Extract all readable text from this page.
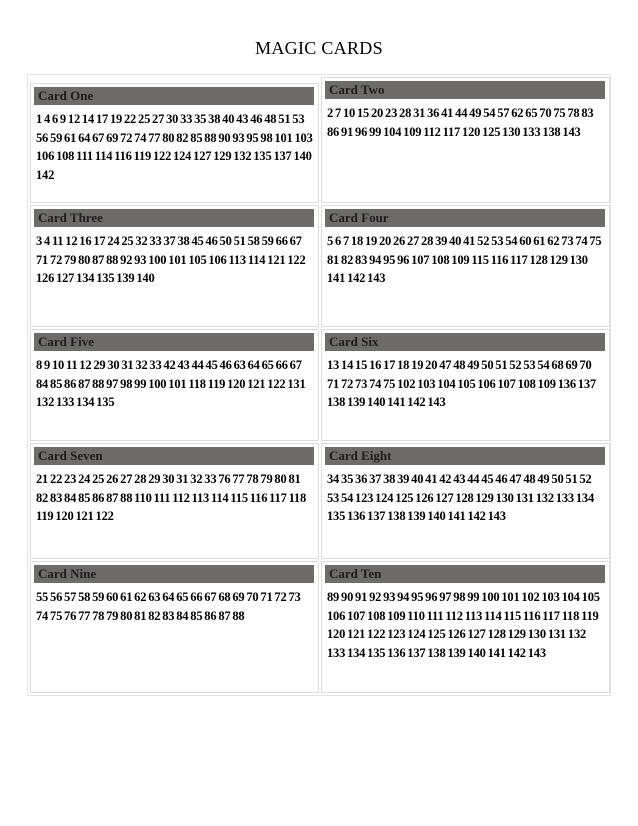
MAGIC CARDS
Card One
1 4 6 9 12 14 17 19 22 25 27 30 33 35 38 40 43 46 48 51 53 56 59 61 64 67 69 72 74 77 80 82 85 88 90 93 95 98 101 103 106 108 111 114 116 119 122 124 127 129 132 135 137 140 142
Card Two
2 7 10 15 20 23 28 31 36 41 44 49 54 57 62 65 70 75 78 83 86 91 96 99 104 109 112 117 120 125 130 133 138 143
Card Three
3 4 11 12 16 17 24 25 32 33 37 38 45 46 50 51 58 59 66 67 71 72 79 80 87 88 92 93 100 101 105 106 113 114 121 122 126 127 134 135 139 140
Card Four
5 6 7 18 19 20 26 27 28 39 40 41 52 53 54 60 61 62 73 74 75 81 82 83 94 95 96 107 108 109 115 116 117 128 129 130 141 142 143
Card Five
8 9 10 11 12 29 30 31 32 33 42 43 44 45 46 63 64 65 66 67 84 85 86 87 88 97 98 99 100 101 118 119 120 121 122 131 132 133 134 135
Card Six
13 14 15 16 17 18 19 20 47 48 49 50 51 52 53 54 68 69 70 71 72 73 74 75 102 103 104 105 106 107 108 109 136 137 138 139 140 141 142 143
Card Seven
21 22 23 24 25 26 27 28 29 30 31 32 33 76 77 78 79 80 81 82 83 84 85 86 87 88 110 111 112 113 114 115 116 117 118 119 120 121 122
Card Eight
34 35 36 37 38 39 40 41 42 43 44 45 46 47 48 49 50 51 52 53 54 123 124 125 126 127 128 129 130 131 132 133 134 135 136 137 138 139 140 141 142 143
Card Nine
55 56 57 58 59 60 61 62 63 64 65 66 67 68 69 70 71 72 73 74 75 76 77 78 79 80 81 82 83 84 85 86 87 88
Card Ten
89 90 91 92 93 94 95 96 97 98 99 100 101 102 103 104 105 106 107 108 109 110 111 112 113 114 115 116 117 118 119 120 121 122 123 124 125 126 127 128 129 130 131 132 133 134 135 136 137 138 139 140 141 142 143
